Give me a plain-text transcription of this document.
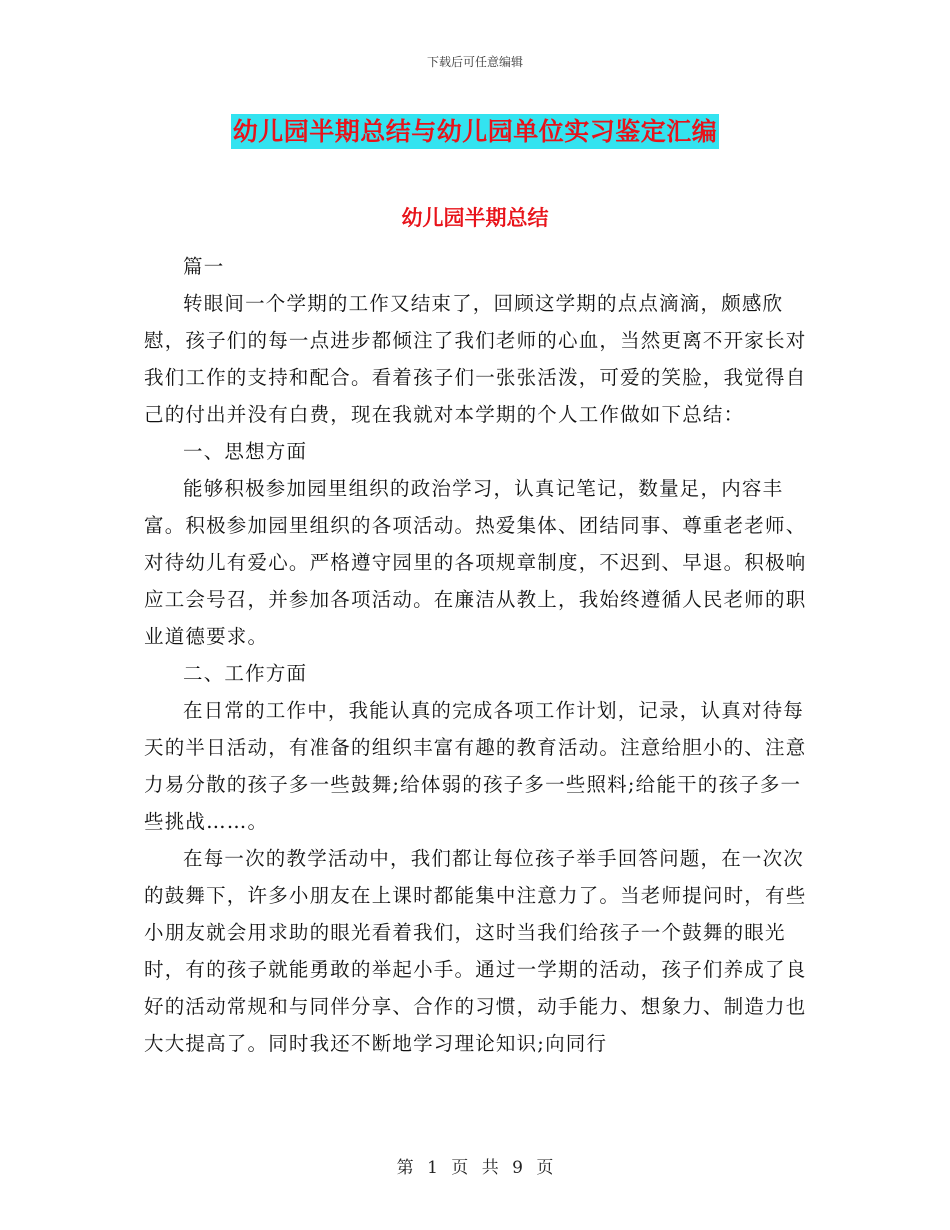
下载后可任意编辑
幼儿园半期总结与幼儿园单位实习鉴定汇编
幼儿园半期总结

篇一

转眼间一个学期的工作又结束了，回顾这学期的点点滴滴，颇感欣慰，孩子们的每一点进步都倾注了我们老师的心血，当然更离不开家长对我们工作的支持和配合。看着孩子们一张张活泼，可爱的笑脸，我觉得自己的付出并没有白费，现在我就对本学期的个人工作做如下总结：

一、思想方面

能够积极参加园里组织的政治学习，认真记笔记，数量足，内容丰富。积极参加园里组织的各项活动。热爱集体、团结同事、尊重老老师、对待幼儿有爱心。严格遵守园里的各项规章制度，不迟到、早退。积极响应工会号召，并参加各项活动。在廉洁从教上，我始终遵循人民老师的职业道德要求。

二、工作方面

在日常的工作中，我能认真的完成各项工作计划，记录，认真对待每天的半日活动，有准备的组织丰富有趣的教育活动。注意给胆小的、注意力易分散的孩子多一些鼓舞;给体弱的孩子多一些照料;给能干的孩子多一些挑战……。

在每一次的教学活动中，我们都让每位孩子举手回答问题，在一次次的鼓舞下，许多小朋友在上课时都能集中注意力了。当老师提问时，有些小朋友就会用求助的眼光看着我们，这时当我们给孩子一个鼓舞的眼光时，有的孩子就能勇敢的举起小手。通过一学期的活动，孩子们养成了良好的活动常规和与同伴分享、合作的习惯，动手能力、想象力、制造力也大大提高了。同时我还不断地学习理论知识;向同行

第 1 页 共 9 页
